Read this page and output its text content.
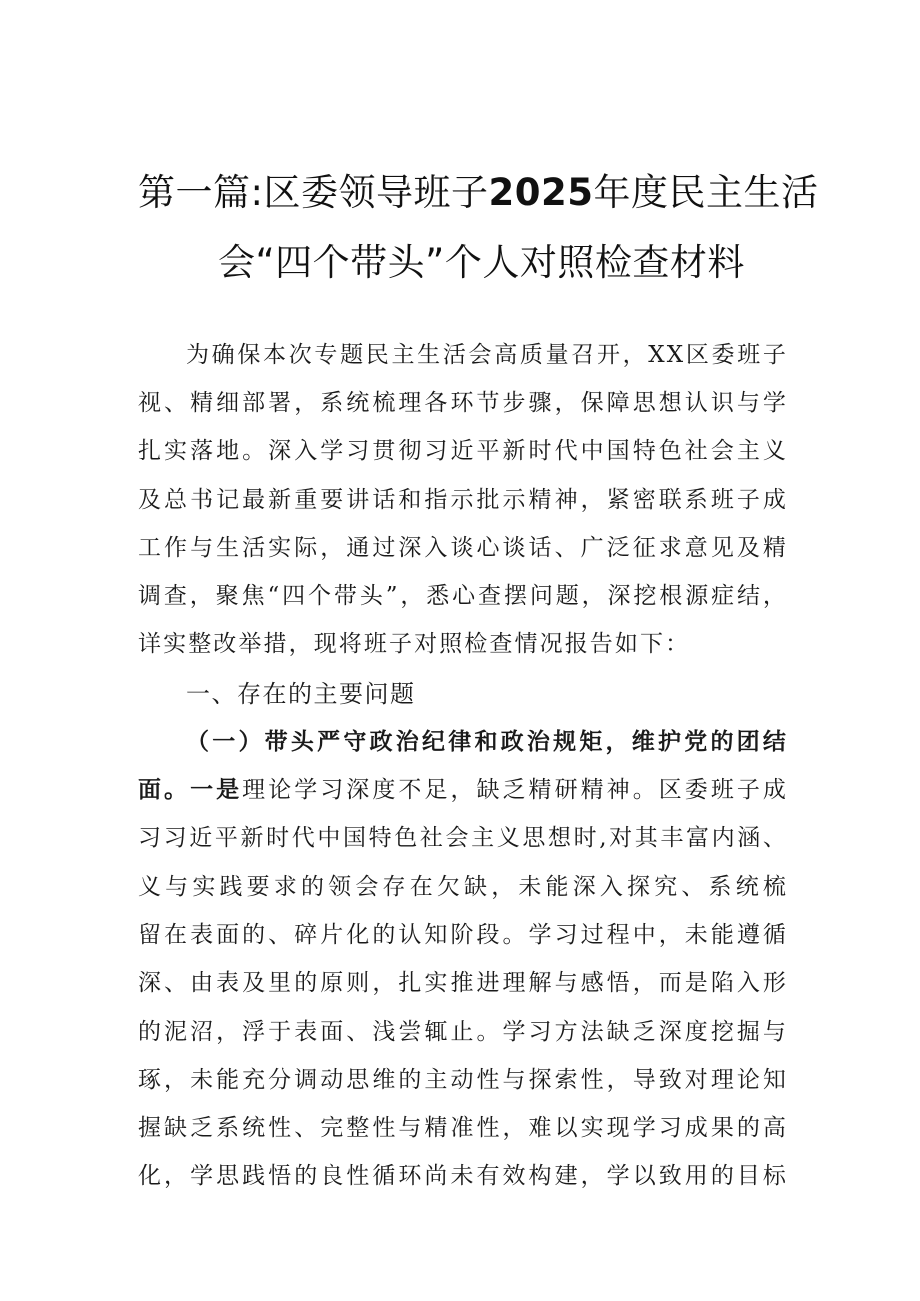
第一篇:区委领导班子2025年度民主生活
会“四个带头”个人对照检查材料
为确保本次专题民主生活会高质量召开，XX区委班子
视、精细部署，系统梳理各环节步骤，保障思想认识与学
扎实落地。深入学习贯彻习近平新时代中国特色社会主义
及总书记最新重要讲话和指示批示精神，紧密联系班子成
工作与生活实际，通过深入谈心谈话、广泛征求意见及精
调查，聚焦“四个带头”，悉心查摆问题，深挖根源症结，
详实整改举措，现将班子对照检查情况报告如下：
一、存在的主要问题
（一）带头严守政治纪律和政治规矩，维护党的团结
面。一是理论学习深度不足，缺乏精研精神。区委班子成
习习近平新时代中国特色社会主义思想时,对其丰富内涵、
义与实践要求的领会存在欠缺，未能深入探究、系统梳
留在表面的、碎片化的认知阶段。学习过程中，未能遵循
深、由表及里的原则，扎实推进理解与感悟，而是陷入形
的泥沼，浮于表面、浅尝辄止。学习方法缺乏深度挖掘与
琢，未能充分调动思维的主动性与探索性，导致对理论知
握缺乏系统性、完整性与精准性，难以实现学习成果的高
化，学思践悟的良性循环尚未有效构建，学以致用的目标
